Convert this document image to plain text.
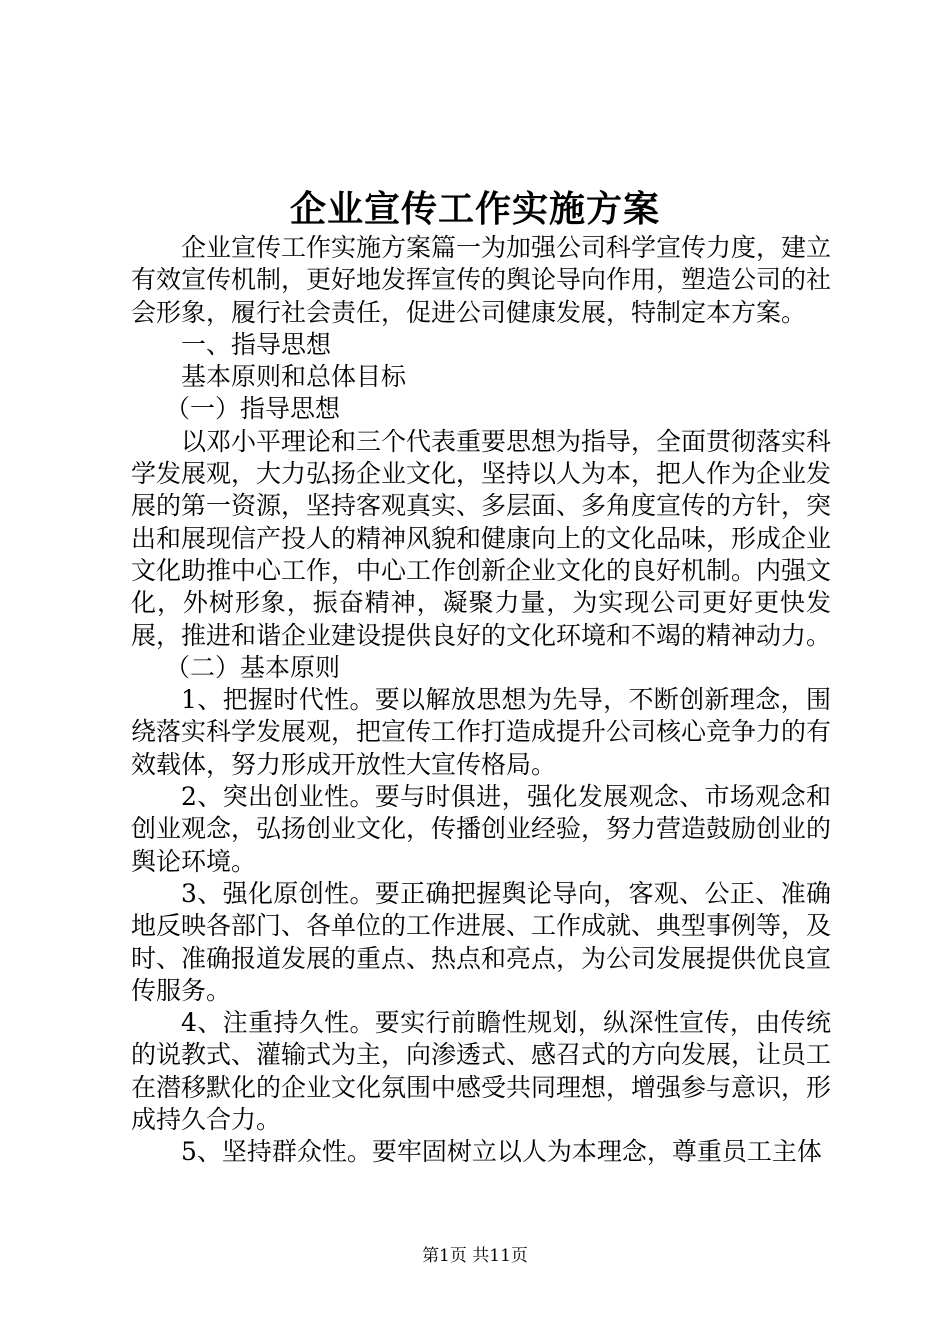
企业宣传工作实施方案

企业宣传工作实施方案篇一为加强公司科学宣传力度，建立有效宣传机制，更好地发挥宣传的舆论导向作用，塑造公司的社会形象，履行社会责任，促进公司健康发展，特制定本方案。

一、指导思想

基本原则和总体目标

（一）指导思想

以邓小平理论和三个代表重要思想为指导，全面贯彻落实科学发展观，大力弘扬企业文化，坚持以人为本，把人作为企业发展的第一资源，坚持客观真实、多层面、多角度宣传的方针，突出和展现信产投人的精神风貌和健康向上的文化品味，形成企业文化助推中心工作，中心工作创新企业文化的良好机制。内强文化，外树形象，振奋精神，凝聚力量，为实现公司更好更快发展，推进和谐企业建设提供良好的文化环境和不竭的精神动力。

（二）基本原则

1、把握时代性。要以解放思想为先导，不断创新理念，围绕落实科学发展观，把宣传工作打造成提升公司核心竞争力的有效载体，努力形成开放性大宣传格局。

2、突出创业性。要与时俱进，强化发展观念、市场观念和创业观念，弘扬创业文化，传播创业经验，努力营造鼓励创业的舆论环境。

3、强化原创性。要正确把握舆论导向，客观、公正、准确地反映各部门、各单位的工作进展、工作成就、典型事例等，及时、准确报道发展的重点、热点和亮点，为公司发展提供优良宣传服务。

4、注重持久性。要实行前瞻性规划，纵深性宣传，由传统的说教式、灌输式为主，向渗透式、感召式的方向发展，让员工在潜移默化的企业文化氛围中感受共同理想，增强参与意识，形成持久合力。

5、坚持群众性。要牢固树立以人为本理念，尊重员工主体

第1页 共11页
